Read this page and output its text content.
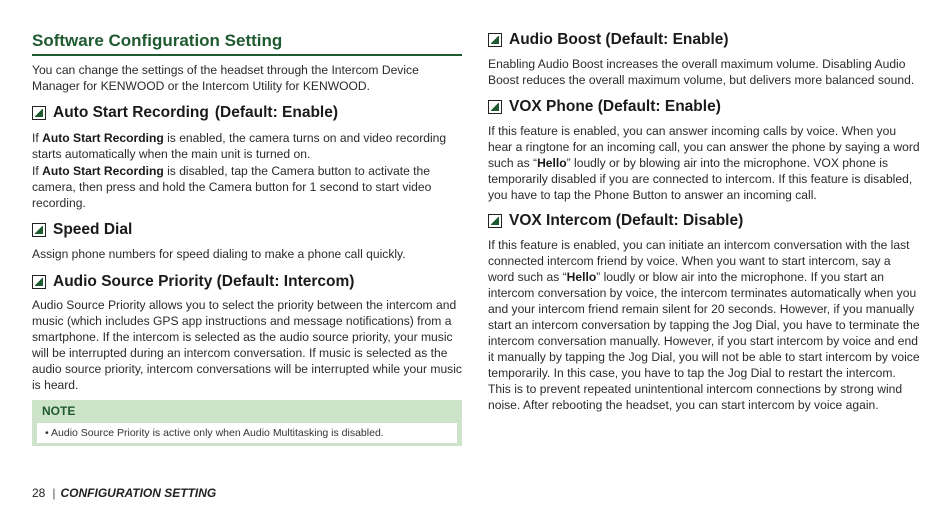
Software Configuration Setting

You can change the settings of the headset through the Intercom Device Manager for KENWOOD or the Intercom Utility for KENWOOD.

Auto Start Recording (Default: Enable)

If Auto Start Recording is enabled, the camera turns on and video recording starts automatically when the main unit is turned on.

If Auto Start Recording is disabled, tap the Camera button to activate the camera, then press and hold the Camera button for 1 second to start video recording.

Speed Dial

Assign phone numbers for speed dialing to make a phone call quickly.

Audio Source Priority (Default: Intercom)

Audio Source Priority allows you to select the priority between the intercom and music (which includes GPS app instructions and message notifications) from a smartphone. If the intercom is selected as the audio source priority, your music will be interrupted during an intercom conversation. If music is selected as the audio source priority, intercom conversations will be interrupted while your music is heard.

NOTE
• Audio Source Priority is active only when Audio Multitasking is disabled.
Audio Boost (Default: Enable)

Enabling Audio Boost increases the overall maximum volume. Disabling Audio Boost reduces the overall maximum volume, but delivers more balanced sound.

VOX Phone (Default: Enable)

If this feature is enabled, you can answer incoming calls by voice. When you hear a ringtone for an incoming call, you can answer the phone by saying a word such as “Hello” loudly or by blowing air into the microphone. VOX phone is temporarily disabled if you are connected to intercom. If this feature is disabled, you have to tap the Phone Button to answer an incoming call.

VOX Intercom (Default: Disable)

If this feature is enabled, you can initiate an intercom conversation with the last connected intercom friend by voice. When you want to start intercom, say a word such as “Hello” loudly or blow air into the microphone. If you start an intercom conversation by voice, the intercom terminates automatically when you and your intercom friend remain silent for 20 seconds. However, if you manually start an intercom conversation by tapping the Jog Dial, you have to terminate the intercom conversation manually. However, if you start intercom by voice and end it manually by tapping the Jog Dial, you will not be able to start intercom by voice temporarily. In this case, you have to tap the Jog Dial to restart the intercom. This is to prevent repeated unintentional intercom connections by strong wind noise. After rebooting the headset, you can start intercom by voice again.

28 | CONFIGURATION SETTING
